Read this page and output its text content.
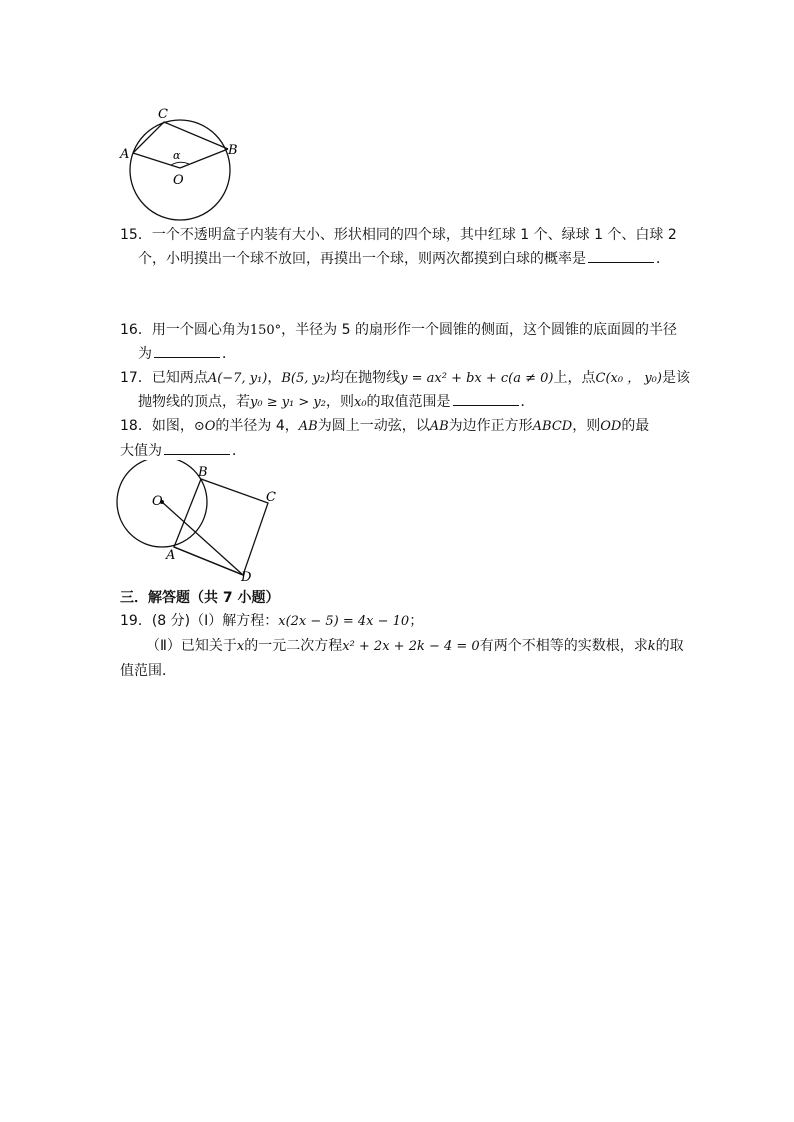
C
A	B
O
α
15．一个不透明盒子内装有大小、形状相同的四个球，其中红球 1 个、绿球 1 个、白球 2
个，小明摸出一个球不放回，再摸出一个球，则两次都摸到白球的概率是	．
16．用一个圆心角为150°，半径为 5 的扇形作一个圆锥的侧面，这个圆锥的底面圆的半径
为	．
17．已知两点A(−7, y₁)，B(5, y₂)均在抛物线y = ax² + bx + c(a ≠ 0)上，点C(x₀ ， y₀)是该
抛物线的顶点，若y₀ ≥ y₁ > y₂，则x₀的取值范围是	．
18．如图，⊙O的半径为 4，AB为圆上一动弦，以AB为边作正方形ABCD，则OD的最
大值为	．
O
B
C
A
D
三．解答题（共 7 小题）
19．(8 分)（Ⅰ）解方程：x(2x − 5) = 4x − 10；
（Ⅱ）已知关于x的一元二次方程x² + 2x + 2k − 4 = 0有两个不相等的实数根，求k的取
值范围．
